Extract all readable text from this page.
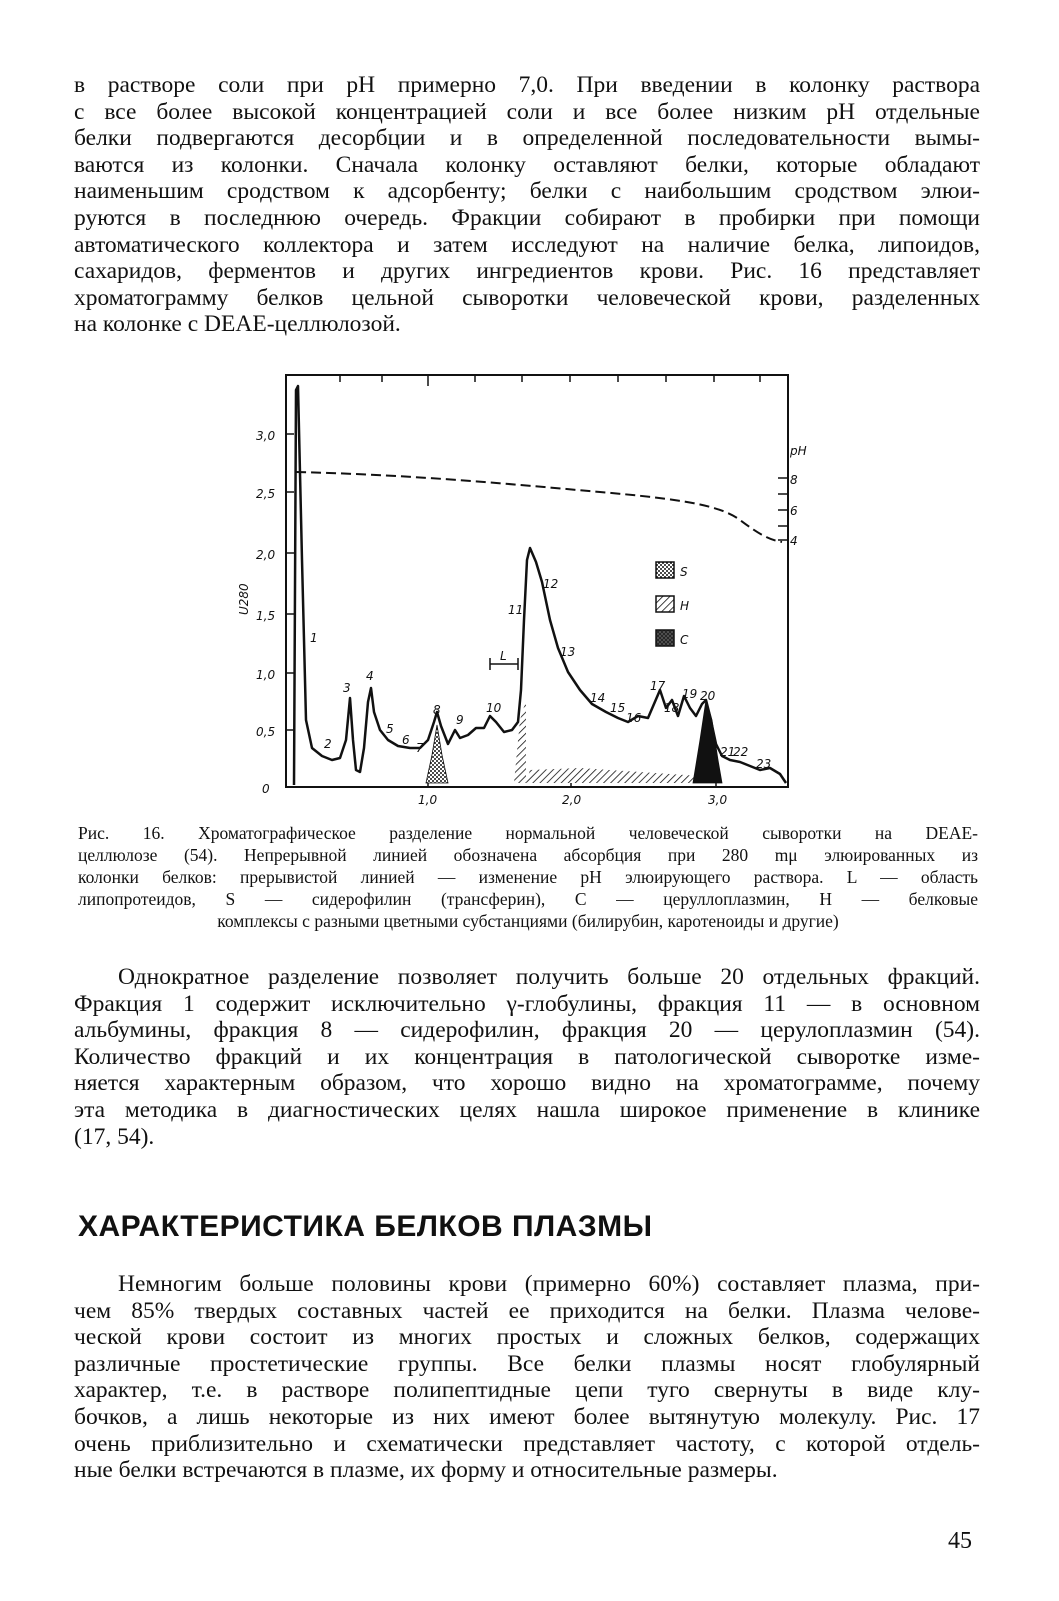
в растворе соли при pH примерно 7,0. При введении в колонку раствора
с все более высокой концентрацией соли и все более низким pH отдельные
белки подвергаются десорбции и в определенной последовательности вымы-
ваются из колонки. Сначала колонку оставляют белки, которые обладают
наименьшим сродством к адсорбенту; белки с наибольшим сродством элюи-
руются в последнюю очередь. Фракции собирают в пробирки при помощи
автоматического коллектора и затем исследуют на наличие белка, липоидов,
сахаридов, ферментов и других ингредиентов крови. Рис. 16 представляет
хроматограмму белков цельной сыворотки человеческой крови, разделенных
на колонке с DEAE-целлюлозой.
3,0
2,5
2,0
1,5
1,0
0,5
0
U280
1,0	2,0	3,0
pH
8
6
4
L
1
2
3
4
5
6
7
8
9
10
11
12
13
14
15
16
17
18
19 20
21
22
23
S
H
C
Рис. 16. Хроматографическое разделение нормальной человеческой сыворотки на DEAE-
целлюлозе (54). Непрерывной линией обозначена абсорбция при 280 mμ элюированных из
колонки белков: прерывистой линией — изменение pH элюирующего раствора. L — область
липопротеидов, S — сидерофилин (трансферин), C — церуллоплазмин, H — белковые
комплексы с разными цветными субстанциями (билирубин, каротеноиды и другие)
Однократное разделение позволяет получить больше 20 отдельных фракций.
Фракция 1 содержит исключительно γ-глобулины, фракция 11 — в основном
альбумины, фракция 8 — сидерофилин, фракция 20 — церулоплазмин (54).
Количество фракций и их концентрация в патологической сыворотке изме-
няется характерным образом, что хорошо видно на хроматограмме, почему
эта методика в диагностических целях нашла широкое применение в клинике
(17, 54).
ХАРАКТЕРИСТИКА БЕЛКОВ ПЛАЗМЫ
Немногим больше половины крови (примерно 60%) составляет плазма, при-
чем 85% твердых составных частей ее приходится на белки. Плазма челове-
ческой крови состоит из многих простых и сложных белков, содержащих
различные простетические группы. Все белки плазмы носят глобулярный
характер, т.е. в растворе полипептидные цепи туго свернуты в виде клу-
бочков, а лишь некоторые из них имеют более вытянутую молекулу. Рис. 17
очень приблизительно и схематически представляет частоту, с которой отдель-
ные белки встречаются в плазме, их форму и относительные размеры.
45
